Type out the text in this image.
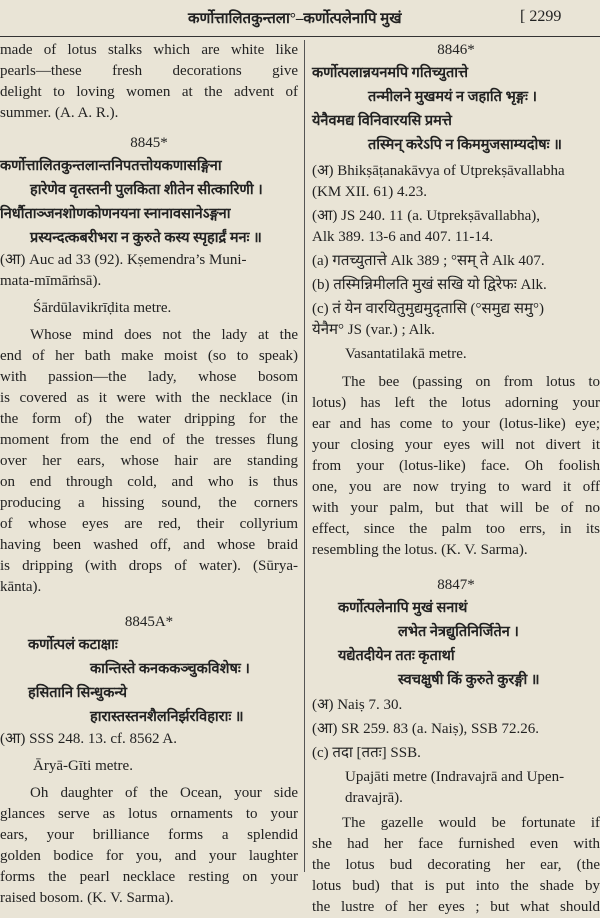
कर्णोत्तालितकुन्तला°–कर्णोत्पलेनापि मुखं	[ 2299

made of lotus stalks which are white like

pearls—these fresh decorations give

delight to loving women at the advent of

summer. (A. A. R.).

8845*

कर्णोत्तालितकुन्तलान्तनिपतत्तोयकणासङ्गिना

हारेणेव वृतस्तनी पुलकिता शीतेन सीत्कारिणी ।

निर्धौताञ्जनशोणकोणनयना स्नानावसानेऽङ्गना

प्रस्यन्दत्कबरीभरा न कुरुते कस्य स्पृहार्द्रं मनः ॥

(आ) Auc ad 33 (92). Kṣemendra’s Muni-

mata-mīmāṁsā).

Śārdūlavikrīḍita metre.

Whose mind does not the lady at the

end of her bath make moist (so to speak)

with passion—the lady, whose bosom

is covered as it were with the necklace (in

the form of) the water dripping for the

moment from the end of the tresses flung

over her ears, whose hair are standing

on end through cold, and who is thus

producing a hissing sound, the corners

of whose eyes are red, their collyrium

having been washed off, and whose braid

is dripping (with drops of water). (Sūrya-

kānta).

8845A*

कर्णोत्पलं कटाक्षाः

कान्तिस्ते कनककञ्चुकविशेषः ।

हसितानि सिन्धुकन्ये

हारास्तस्तनशैलनिर्झरविहाराः ॥

(आ) SSS 248. 13. cf. 8562 A.

Āryā-Gīti metre.

Oh daughter of the Ocean, your side

glances serve as lotus ornaments to your

ears, your brilliance forms a splendid

golden bodice for you, and your laughter

forms the pearl necklace resting on your

raised bosom. (K. V. Sarma).

8846*

कर्णोत्पलान्नयनमपि गतिच्युतात्ते

तन्मीलने मुखमयं न जहाति भृङ्गः ।

येनैवमद्य विनिवारयसि प्रमत्ते

तस्मिन् करेऽपि न किममुजसाम्यदोषः ॥

(अ) Bhikṣāṭanakāvya of Utprekṣāvallabha

(KM XII. 61) 4.23.

(आ) JS 240. 11 (a. Utprekṣāvallabha),

Alk 389. 13-6 and 407. 11-14.

(a) गतच्युतात्ते Alk 389 ; °सम् ते Alk 407.

(b) तस्मिन्निमीलति मुखं सखि यो द्विरेफः Alk.

(c) तं येन वारयितुमुद्यमुदृतासि (°समुद्य समु°)

येनैम° JS (var.) ; Alk.

Vasantatilakā metre.

The bee (passing on from lotus to

lotus) has left the lotus adorning your

ear and has come to your (lotus-like) eye;

your closing your eyes will not divert it

from your (lotus-like) face. Oh foolish

one, you are now trying to ward it off

with your palm, but that will be of no

effect, since the palm too errs, in its

resembling the lotus. (K. V. Sarma).

8847*

कर्णोत्पलेनापि मुखं सनाथं

लभेत नेत्रद्युतिनिर्जितेन ।

यद्येतदीयेन ततः कृतार्था

स्वचक्षुषी किं कुरुते कुरङ्गी ॥

(अ) Naiṣ 7. 30.

(आ) SR 259. 83 (a. Naiṣ), SSB 72.26.

(c) तदा [ततः] SSB.

Upajāti metre (Indravajrā and Upen-

dravajrā).

The gazelle would be fortunate if

she had her face furnished even with

the lotus bud decorating her ear, (the

lotus bud) that is put into the shade by

the lustre of her eyes ; but what should
